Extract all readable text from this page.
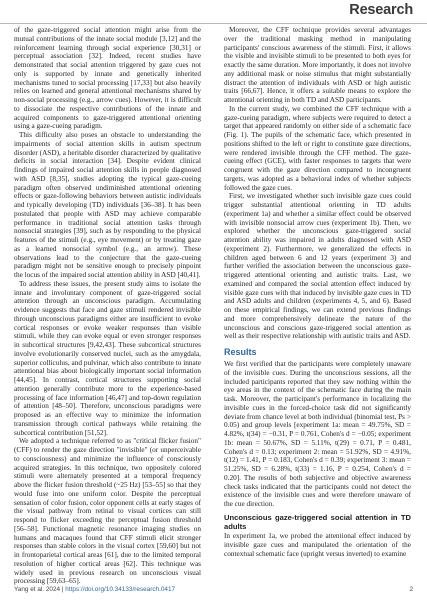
Research

of the gaze-triggered social attention might arise from the mutual contributions of the innate social module [3,12] and the reinforcement learning through social experience [30,31] or perceptual association [32]. Indeed, recent studies have demonstrated that social attention triggered by gaze cues not only is supported by innate and genetically inherited mechanisms tuned to social processing [17,33] but also heavily relies on learned and general attentional mechanisms shared by non-social processing (e.g., arrow cues). However, it is difficult to dissociate the respective contributions of the innate and acquired components to gaze-triggered attentional orienting using a gaze-cueing paradigm.

This difficulty also poses an obstacle to understanding the impairments of social attention skills in autism spectrum disorder (ASD), a heritable disorder characterized by qualitative deficits in social interaction [34]. Despite evident clinical findings of impaired social attention skills in people diagnosed with ASD [8,35], studies adopting the typical gaze-cueing paradigm often observed undiminished attentional orienting effects or gaze-following behaviors between autistic individuals and typically developing (TD) individuals [36–38]. It has been postulated that people with ASD may achieve comparable performance in traditional social attention tasks through nonsocial strategies [39], such as by responding to the physical features of the stimuli (e.g., eye movement) or by treating gaze as a learned nonsocial symbol (e.g., an arrow). These observations lead to the conjecture that the gaze-cueing paradigm might not be sensitive enough to precisely pinpoint the locus of the impaired social attention ability in ASD [40,41].

To address these issues, the present study aims to isolate the innate and involuntary component of gaze-triggered social attention through an unconscious paradigm. Accumulating evidence suggests that face and gaze stimuli rendered invisible through unconscious paradigms either are insufficient to evoke cortical responses or evoke weaker responses than visible stimuli, while they can evoke equal or even stronger responses in subcortical structures [9,42,43]. These subcortical structures involve evolutionarily conserved nuclei, such as the amygdala, superior colliculus, and pulvinar, which also contribute to innate attentional bias about biologically important social information [44,45]. In contrast, cortical structures supporting social attention generally contribute more to the experience-based processing of face information [46,47] and top-down regulation of attention [48–50]. Therefore, unconscious paradigms were proposed as an effective way to minimize the information transmission through cortical pathways while retaining the subcortical contribution [51,52].

We adopted a technique referred to as "critical flicker fusion" (CFF) to render the gaze direction "invisible" (or unperceivable to consciousness) and minimize the influence of consciously acquired strategies. In this technique, two oppositely colored stimuli were alternately presented at a temporal frequency above the flicker fusion threshold (~25 Hz) [53–55] so that they would fuse into one uniform color. Despite the perceptual sensation of color fusion, color opponent cells at early stages of the visual pathway from retinal to visual cortices can still respond to flicker exceeding the perceptual fusion threshold [56–58]. Functional magnetic resonance imaging studies on humans and macaques found that CFF stimuli elicit stronger responses than stable colors in the visual cortex [59,60] but not in frontoparietal cortical areas [61], due to the limited temporal resolution of higher cortical areas [62]. This technique was widely used in previous research on unconscious visual processing [59,63–65].

Moreover, the CFF technique provides several advantages over the traditional masking method in manipulating participants' conscious awareness of the stimuli. First, it allows the visible and invisible stimuli to be presented to both eyes for exactly the same duration. More importantly, it does not involve any additional mask or noise stimulus that might substantially distract the attention of individuals with ASD or high autistic traits [66,67]. Hence, it offers a suitable means to explore the attentional orienting in both TD and ASD participants.

In the current study, we combined the CFF technique with a gaze-cueing paradigm, where subjects were required to detect a target that appeared randomly on either side of a schematic face (Fig. 1). The pupils of the schematic face, which presented in positions shifted to the left or right to constitute gaze directions, were rendered invisible through the CFF method. The gaze-cueing effect (GCE), with faster responses to targets that were congruent with the gaze direction compared to incongruent targets, was adopted as a behavioral index of whether subjects followed the gaze cues.

First, we investigated whether such invisible gaze cues could trigger substantial attentional orienting in TD adults (experiment 1a) and whether a similar effect could be observed with invisible nonsocial arrow cues (experiment 1b). Then, we explored whether the unconscious gaze-triggered social attention ability was impaired in adults diagnosed with ASD (experiment 2). Furthermore, we generalized the effects in children aged between 6 and 12 years (experiment 3) and further verified the association between the unconscious gaze-triggered attentional orienting and autistic traits. Last, we examined and compared the social attention effect induced by visible gaze cues with that induced by invisible gaze cues in TD and ASD adults and children (experiments 4, 5, and 6). Based on these empirical findings, we can extend previous findings and more comprehensively delineate the nature of the unconscious and conscious gaze-triggered social attention as well as their respective relationship with autistic traits and ASD.

Results

We first verified that the participants were completely unaware of the invisible cues. During the unconscious sessions, all the included participants reported that they saw nothing within the eye areas in the context of the schematic face during the main task. Moreover, the participant's performance in localizing the invisible cues in the forced-choice task did not significantly deviate from chance level at both individual (binomial test, Ps > 0.05) and group levels [experiment 1a: mean = 49.75%, SD = 4.82%, t(34) = −0.31, P = 0.761, Cohen's d = −0.05; experiment 1b: mean = 50.67%, SD = 5.11%, t(29) = 0.71, P = 0.481, Cohen's d = 0.13; experiment 2: mean = 51.92%, SD = 4.91%, t(12) = 1.41, P = 0.183, Cohen's d = 0.39; experiment 3: mean = 51.25%, SD = 6.28%, t(33) = 1.16, P = 0.254, Cohen's d = 0.20]. The results of both subjective and objective awareness check tasks indicated that the participants could not detect the existence of the invisible cues and were therefore unaware of the cue direction.

Unconscious gaze-triggered social attention in TD adults

In experiment 1a, we probed the attentional effect induced by invisible gaze cues and manipulated the orientation of the contextual schematic face (upright versus inverted) to examine

Yang et al. 2024 | https://doi.org/10.34133/research.0417	2
